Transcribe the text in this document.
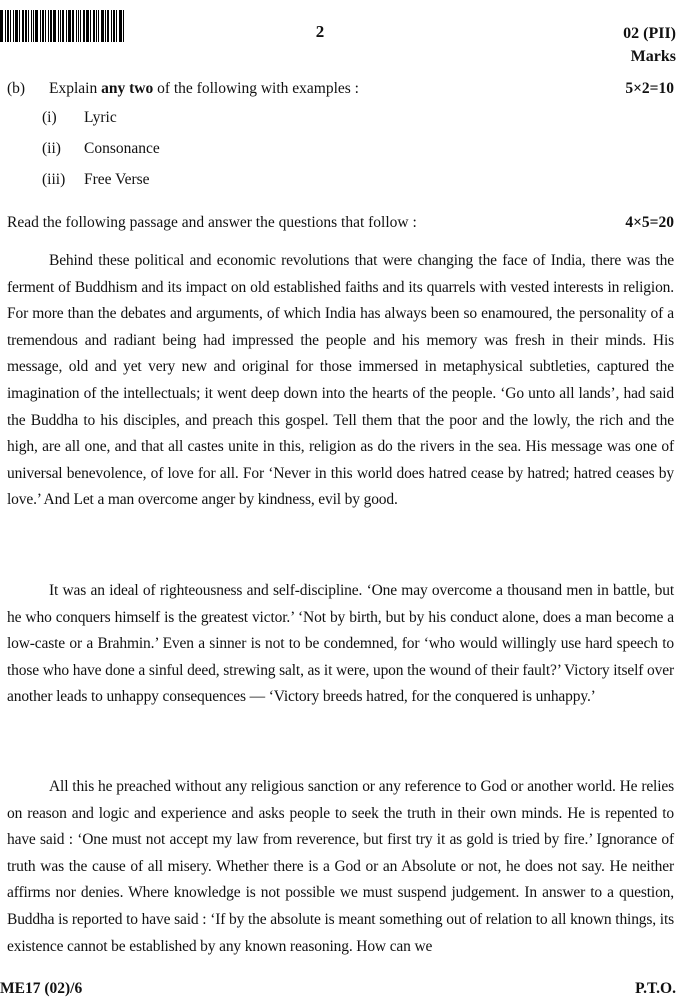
2	02 (PII)
Marks
(b) Explain any two of the following with examples :	5×2=10
(i) Lyric
(ii) Consonance
(iii) Free Verse
Read the following passage and answer the questions that follow :	4×5=20

Behind these political and economic revolutions that were changing the face of India, there was the ferment of Buddhism and its impact on old established faiths and its quarrels with vested interests in religion. For more than the debates and arguments, of which India has always been so enamoured, the personality of a tremendous and radiant being had impressed the people and his memory was fresh in their minds. His message, old and yet very new and original for those immersed in metaphysical subtleties, captured the imagination of the intellectuals; it went deep down into the hearts of the people. ‘Go unto all lands’, had said the Buddha to his disciples, and preach this gospel. Tell them that the poor and the lowly, the rich and the high, are all one, and that all castes unite in this, religion as do the rivers in the sea. His message was one of universal benevolence, of love for all. For ‘Never in this world does hatred cease by hatred; hatred ceases by love.’ And Let a man overcome anger by kindness, evil by good.

It was an ideal of righteousness and self-discipline. ‘One may overcome a thousand men in battle, but he who conquers himself is the greatest victor.’ ‘Not by birth, but by his conduct alone, does a man become a low-caste or a Brahmin.’ Even a sinner is not to be condemned, for ‘who would willingly use hard speech to those who have done a sinful deed, strewing salt, as it were, upon the wound of their fault?’ Victory itself over another leads to unhappy consequences — ‘Victory breeds hatred, for the conquered is unhappy.’

All this he preached without any religious sanction or any reference to God or another world. He relies on reason and logic and experience and asks people to seek the truth in their own minds. He is repented to have said : ‘One must not accept my law from reverence, but first try it as gold is tried by fire.’ Ignorance of truth was the cause of all misery. Whether there is a God or an Absolute or not, he does not say. He neither affirms nor denies. Where knowledge is not possible we must suspend judgement. In answer to a question, Buddha is reported to have said : ‘If by the absolute is meant something out of relation to all known things, its existence cannot be established by any known reasoning. How can we

ME17 (02)/6	P.T.O.
